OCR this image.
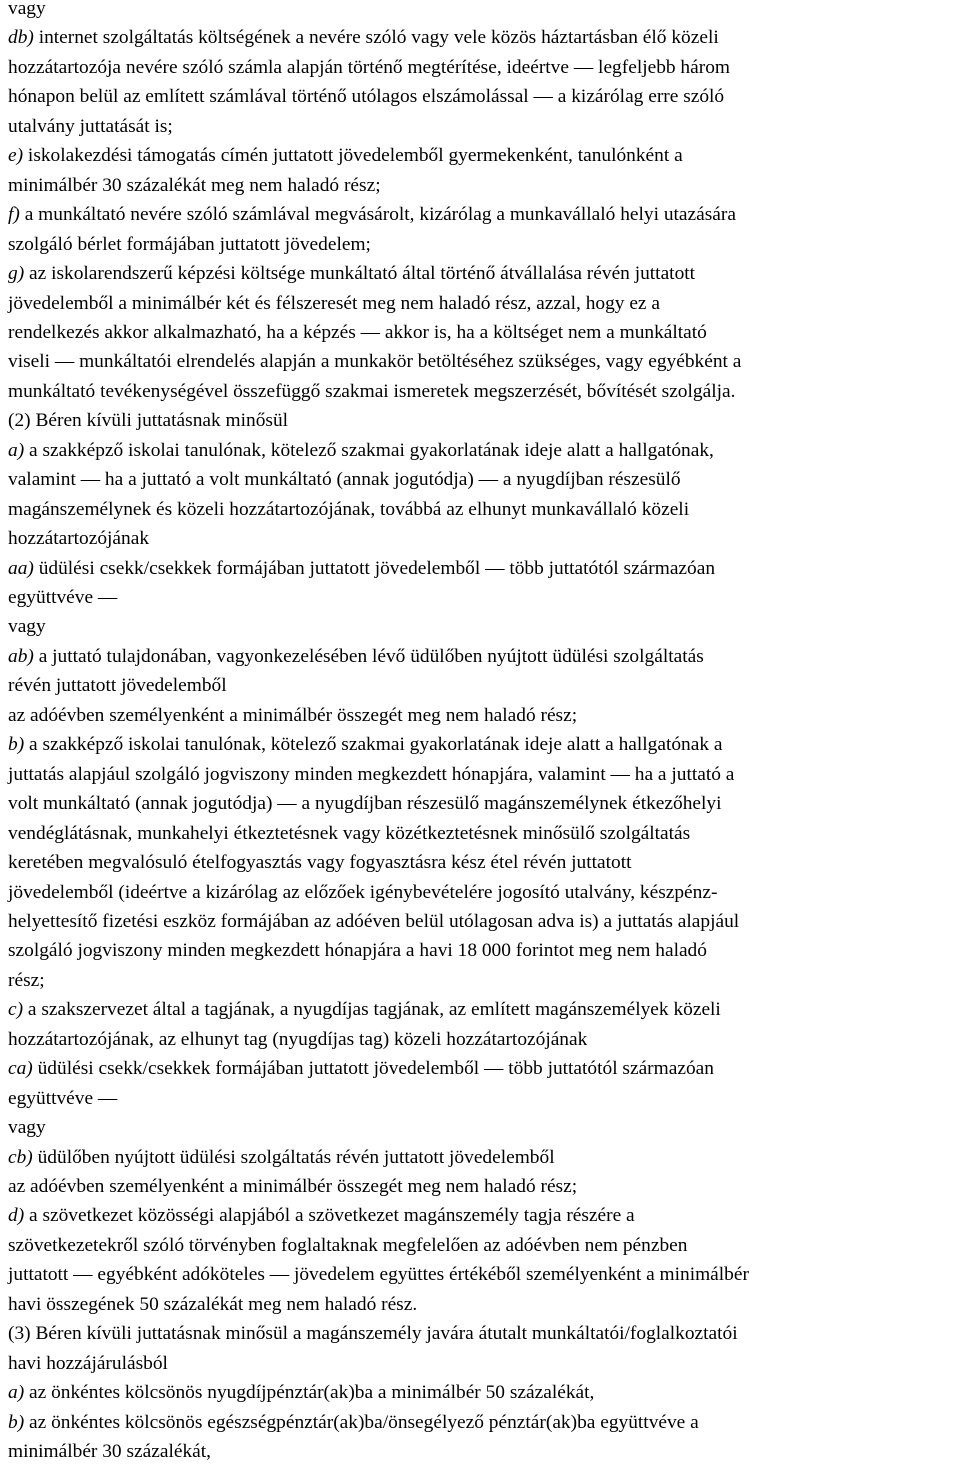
vagy
db) internet szolgáltatás költségének a nevére szóló vagy vele közös háztartásban élő közeli
hozzátartozója nevére szóló számla alapján történő megtérítése, ideértve — legfeljebb három
hónapon belül az említett számlával történő utólagos elszámolással — a kizárólag erre szóló
utalvány juttatását is;
e) iskolakezdési támogatás címén juttatott jövedelemből gyermekenként, tanulónként a
minimálbér 30 százalékát meg nem haladó rész;
f) a munkáltató nevére szóló számlával megvásárolt, kizárólag a munkavállaló helyi utazására
szolgáló bérlet formájában juttatott jövedelem;
g) az iskolarendszerű képzési költsége munkáltató által történő átvállalása révén juttatott
jövedelemből a minimálbér két és félszeresét meg nem haladó rész, azzal, hogy ez a
rendelkezés akkor alkalmazható, ha a képzés — akkor is, ha a költséget nem a munkáltató
viseli — munkáltatói elrendelés alapján a munkakör betöltéséhez szükséges, vagy egyébként a
munkáltató tevékenységével összefüggő szakmai ismeretek megszerzését, bővítését szolgálja.
(2) Béren kívüli juttatásnak minősül
a) a szakképző iskolai tanulónak, kötelező szakmai gyakorlatának ideje alatt a hallgatónak,
valamint — ha a juttató a volt munkáltató (annak jogutódja) — a nyugdíjban részesülő
magánszemélynek és közeli hozzátartozójának, továbbá az elhunyt munkavállaló közeli
hozzátartozójának
aa) üdülési csekk/csekkek formájában juttatott jövedelemből — több juttatótól származóan
együttvéve —
vagy
ab) a juttató tulajdonában, vagyonkezelésében lévő üdülőben nyújtott üdülési szolgáltatás
révén juttatott jövedelemből
az adóévben személyenként a minimálbér összegét meg nem haladó rész;
b) a szakképző iskolai tanulónak, kötelező szakmai gyakorlatának ideje alatt a hallgatónak a
juttatás alapjául szolgáló jogviszony minden megkezdett hónapjára, valamint — ha a juttató a
volt munkáltató (annak jogutódja) — a nyugdíjban részesülő magánszemélynek étkezőhelyi
vendéglátásnak, munkahelyi étkeztetésnek vagy közétkeztetésnek minősülő szolgáltatás
keretében megvalósuló ételfogyasztás vagy fogyasztásra kész étel révén juttatott
jövedelemből (ideértve a kizárólag az előzőek igénybevételére jogosító utalvány, készpénz-
helyettesítő fizetési eszköz formájában az adóéven belül utólagosan adva is) a juttatás alapjául
szolgáló jogviszony minden megkezdett hónapjára a havi 18 000 forintot meg nem haladó
rész;
c) a szakszervezet által a tagjának, a nyugdíjas tagjának, az említett magánszemélyek közeli
hozzátartozójának, az elhunyt tag (nyugdíjas tag) közeli hozzátartozójának
ca) üdülési csekk/csekkek formájában juttatott jövedelemből — több juttatótól származóan
együttvéve —
vagy
cb) üdülőben nyújtott üdülési szolgáltatás révén juttatott jövedelemből
az adóévben személyenként a minimálbér összegét meg nem haladó rész;
d) a szövetkezet közösségi alapjából a szövetkezet magánszemély tagja részére a
szövetkezetekről szóló törvényben foglaltaknak megfelelően az adóévben nem pénzben
juttatott — egyébként adóköteles — jövedelem együttes értékéből személyenként a minimálbér
havi összegének 50 százalékát meg nem haladó rész.
(3) Béren kívüli juttatásnak minősül a magánszemély javára átutalt munkáltatói/foglalkoztatói
havi hozzájárulásból
a) az önkéntes kölcsönös nyugdíjpénztár(ak)ba a minimálbér 50 százalékát,
b) az önkéntes kölcsönös egészségpénztár(ak)ba/önsegélyező pénztár(ak)ba együttvéve a
minimálbér 30 százalékát,
